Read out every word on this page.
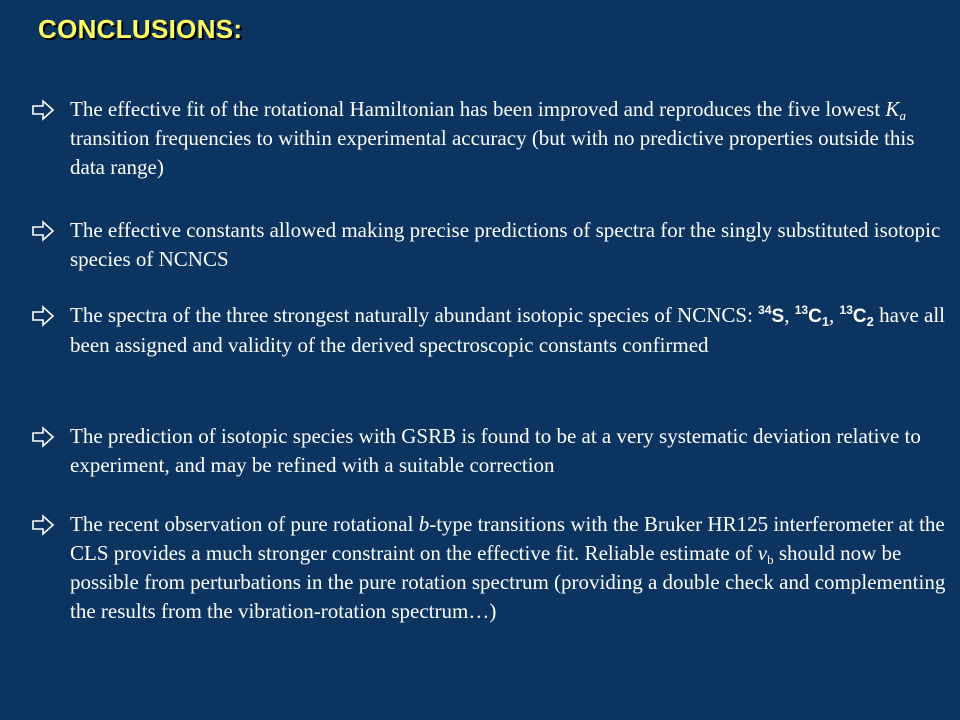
CONCLUSIONS:
The effective fit of the rotational Hamiltonian has been improved and reproduces the five lowest $K_a$ transition frequencies to within experimental accuracy (but with no predictive properties outside this data range)
The effective constants allowed making precise predictions of spectra for the singly substituted isotopic species of NCNCS
The spectra of the three strongest naturally abundant isotopic species of NCNCS: $^{34}$S, $^{13}$C1, $^{13}$C2 have all been assigned and validity of the derived spectroscopic constants confirmed
The prediction of isotopic species with GSRB is found to be at a very systematic deviation relative to experiment, and may be refined with a suitable correction
The recent observation of pure rotational b-type transitions with the Bruker HR125 interferometer at the CLS provides a much stronger constraint on the effective fit. Reliable estimate of $\nu_b$ should now be possible from perturbations in the pure rotation spectrum (providing a double check and complementing the results from the vibration-rotation spectrum…)
